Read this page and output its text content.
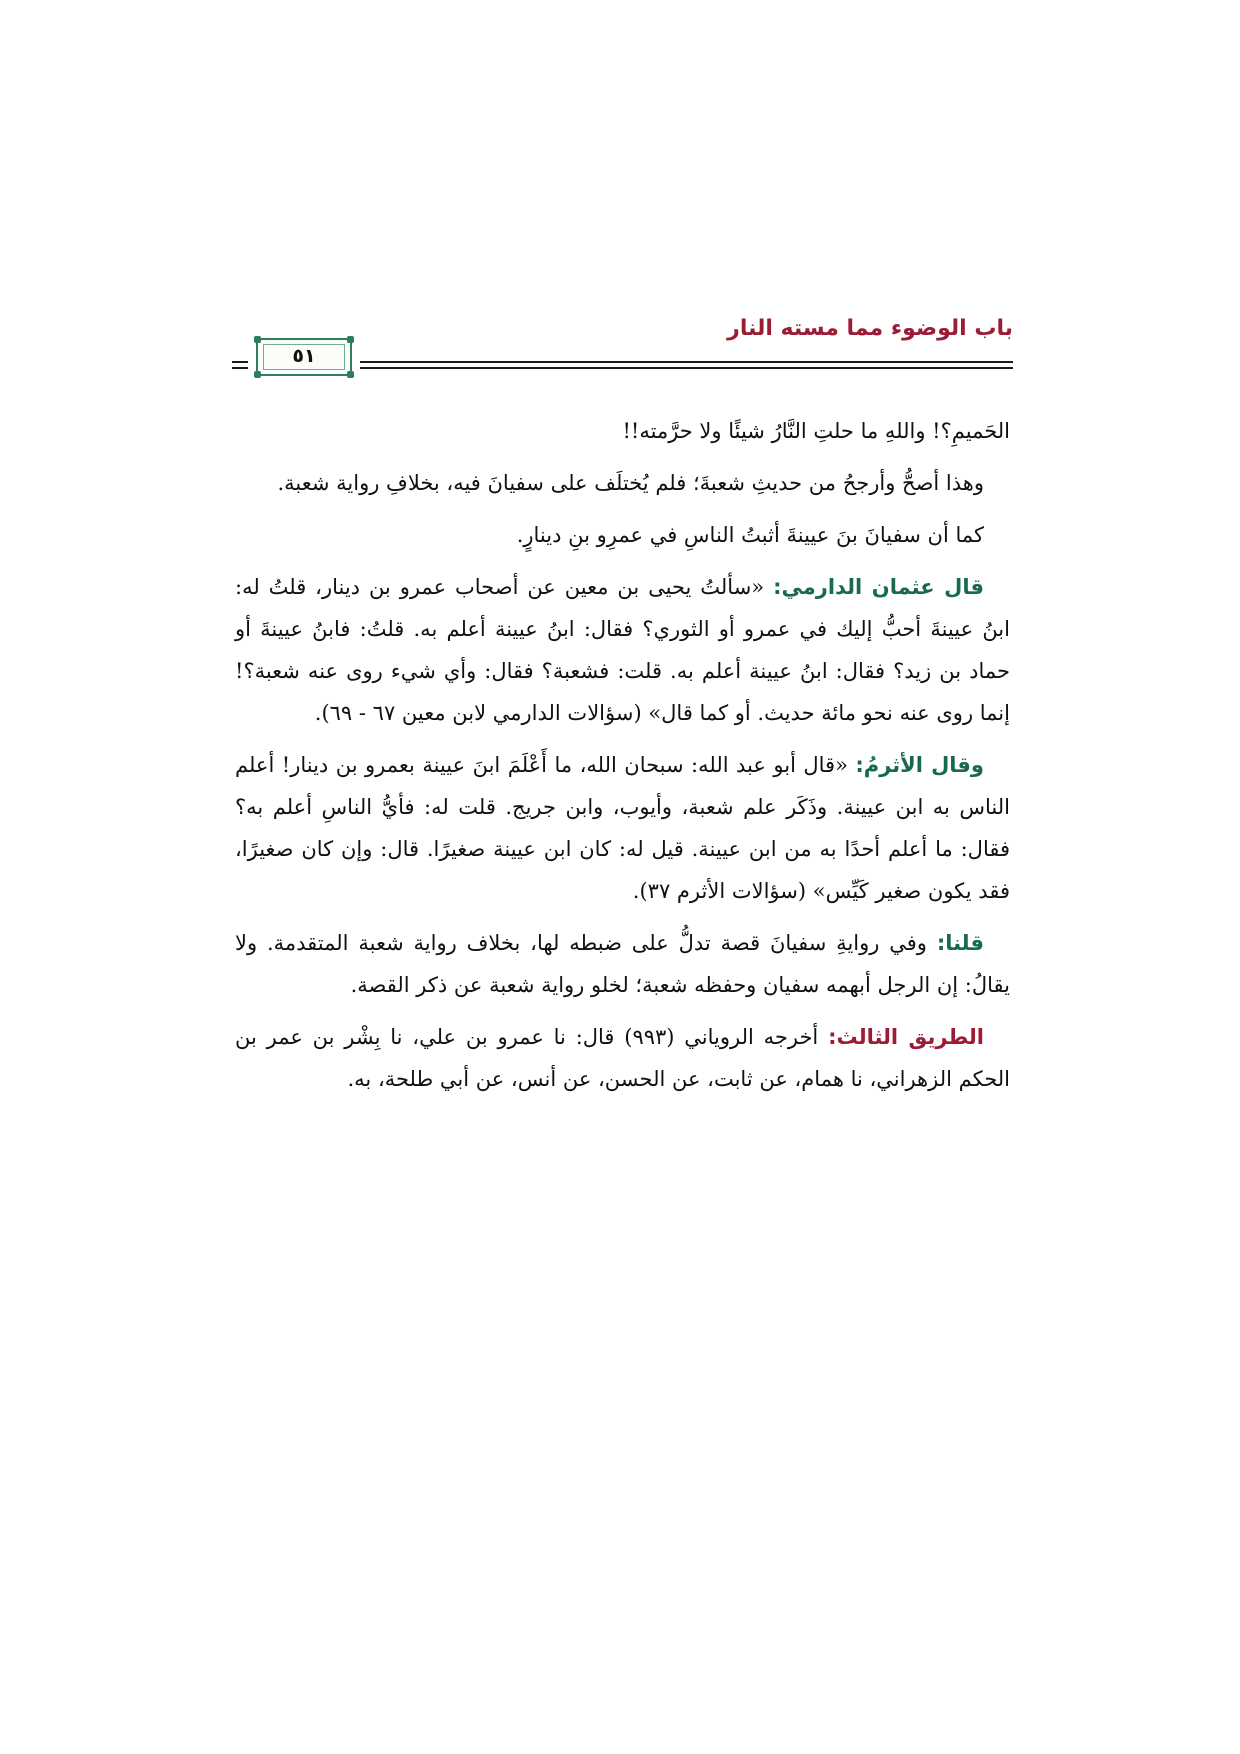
باب الوضوء مما مسته النار
٥١

الحَميمِ؟! واللهِ ما حلتِ النَّارُ شيئًا ولا حرَّمته!!

وهذا أصحُّ وأرجحُ من حديثِ شعبةَ؛ فلم يُختلَف على سفيانَ فيه، بخلافِ رواية شعبة.

كما أن سفيانَ بنَ عيينةَ أثبتُ الناسِ في عمرِو بنِ دينارٍ.

قال عثمان الدارمي: «سألتُ يحيى بن معين عن أصحاب عمرو بن دينار، قلتُ له: ابنُ عيينةَ أحبُّ إليك في عمرو أو الثوري؟ فقال: ابنُ عيينة أعلم به. قلتُ: فابنُ عيينةَ أو حماد بن زيد؟ فقال: ابنُ عيينة أعلم به. قلت: فشعبة؟ فقال: وأي شيء روى عنه شعبة؟! إنما روى عنه نحو مائة حديث. أو كما قال» (سؤالات الدارمي لابن معين ٦٧ - ٦٩).

وقال الأثرمُ: «قال أبو عبد الله: سبحان الله، ما أَعْلَمَ ابنَ عيينة بعمرو بن دينار! أعلم الناس به ابن عيينة. وذَكَر علم شعبة، وأيوب، وابن جريج. قلت له: فأيُّ الناسِ أعلم به؟ فقال: ما أعلم أحدًا به من ابن عيينة. قيل له: كان ابن عيينة صغيرًا. قال: وإن كان صغيرًا، فقد يكون صغير كَيِّس» (سؤالات الأثرم ٣٧).

قلنا: وفي روايةِ سفيانَ قصة تدلُّ على ضبطه لها، بخلاف رواية شعبة المتقدمة. ولا يقالُ: إن الرجل أبهمه سفيان وحفظه شعبة؛ لخلو رواية شعبة عن ذكر القصة.

الطريق الثالث: أخرجه الروياني (٩٩٣) قال: نا عمرو بن علي، نا بِشْر بن عمر بن الحكم الزهراني، نا همام، عن ثابت، عن الحسن، عن أنس، عن أبي طلحة، به.
